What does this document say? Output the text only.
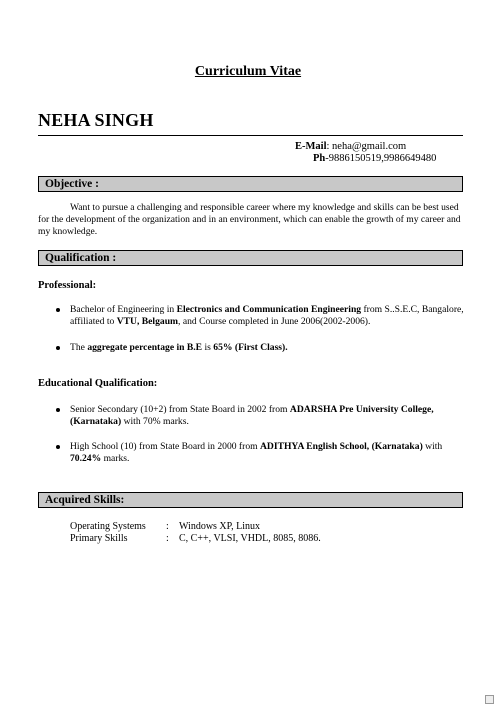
Curriculum Vitae
NEHA SINGH
E-Mail: neha@gmail.com
Ph-9886150519,9986649480
Objective :
Want to pursue a challenging and responsible career where my knowledge and skills can be best used for the development of the organization and in an environment, which can enable the growth of my career and my knowledge.
Qualification :
Professional:
Bachelor of Engineering in Electronics and Communication Engineering from S..S.E.C, Bangalore, affiliated to VTU, Belgaum, and Course completed in June 2006(2002-2006).
The aggregate percentage in B.E is 65% (First Class).
Educational Qualification:
Senior Secondary (10+2) from State Board in 2002 from ADARSHA Pre University College, (Karnataka) with 70% marks.
High School (10) from State Board in 2000 from ADITHYA English School, (Karnataka) with 70.24% marks.
Acquired Skills:
Operating Systems	:	Windows XP, Linux
Primary Skills	:	C, C++, VLSI, VHDL, 8085, 8086.
